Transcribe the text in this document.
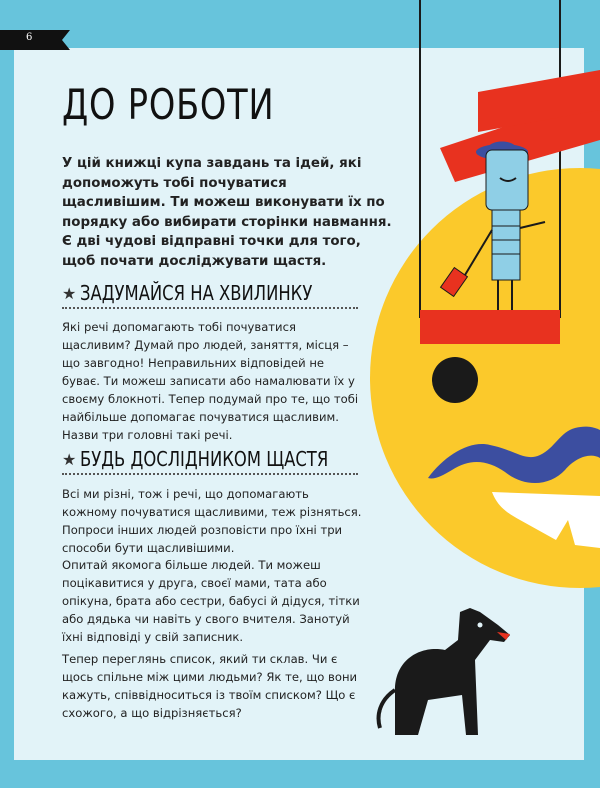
6
ДО РОБОТИ
У цій книжці купа завдань та ідей, які допоможуть тобі почуватися щасливішим. Ти можеш виконувати їх по порядку або вибирати сторінки навмання. Є дві чудові відправні точки для того, щоб почати досліджувати щастя.
★ ЗАДУМАЙСЯ НА ХВИЛИНКУ
Які речі допомагають тобі почуватися щасливим? Думай про людей, заняття, місця – що завгодно! Неправильних відповідей не буває. Ти можеш записати або намалювати їх у своєму блокноті. Тепер подумай про те, що тобі найбільше допомагає почуватися щасливим. Назви три головні такі речі.
★ БУДЬ ДОСЛІДНИКОМ ЩАСТЯ
Всі ми різні, тож і речі, що допомагають кожному почуватися щасливими, теж різняться. Попроси інших людей розповісти про їхні три способи бути щасливішими.
Опитай якомога більше людей. Ти можеш поцікавитися у друга, своєї мами, тата або опікуна, брата або сестри, бабусі й дідуся, тітки або дядька чи навіть у свого вчителя. Занотуй їхні відповіді у свій записник.
Тепер переглянь список, який ти склав. Чи є щось спільне між цими людьми? Як те, що вони кажуть, співвідноситься із твоїм списком? Що є схожого, а що відрізняється?
